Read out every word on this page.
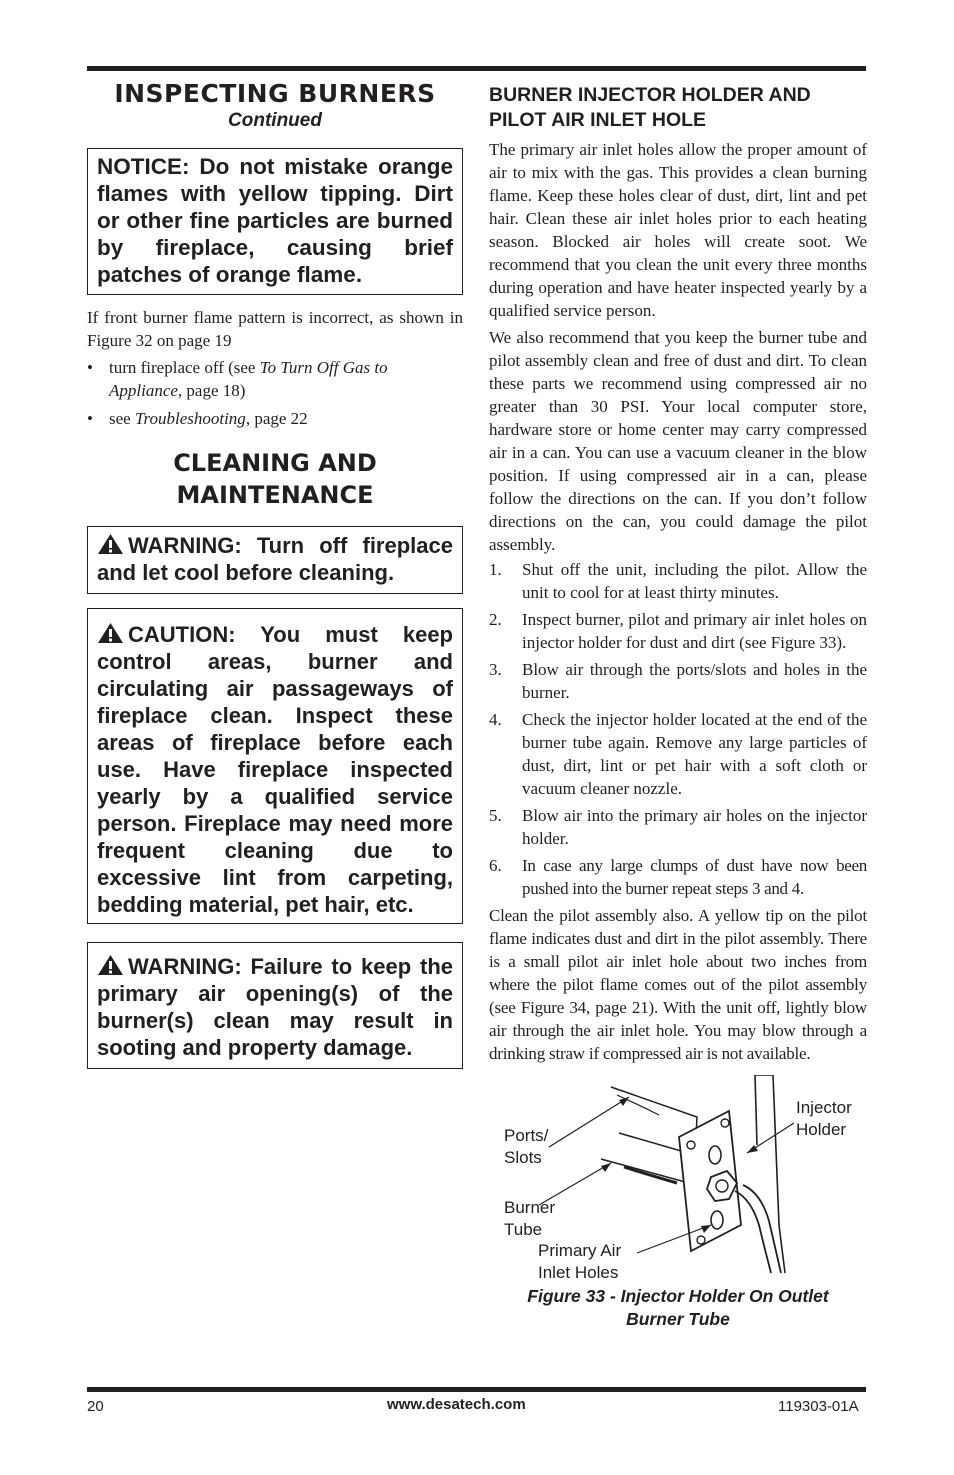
INSPECTING BURNERS
Continued
NOTICE: Do not mistake orange flames with yellow tipping. Dirt or other fine particles are burned by fireplace, causing brief patches of orange flame.

If front burner flame pattern is incorrect, as shown in Figure 32 on page 19

• turn fireplace off (see To Turn Off Gas to Appliance, page 18)
• see Troubleshooting, page 22
CLEANING AND
MAINTENANCE
WARNING: Turn off fireplace and let cool before cleaning.
CAUTION: You must keep control areas, burner and circulating air passageways of fireplace clean. Inspect these areas of fireplace before each use. Have fireplace inspected yearly by a qualified service person. Fireplace may need more frequent cleaning due to excessive lint from carpeting, bedding material, pet hair, etc.
WARNING: Failure to keep the primary air opening(s) of the burner(s) clean may result in sooting and property damage.
BURNER INJECTOR HOLDER AND
PILOT AIR INLET HOLE

The primary air inlet holes allow the proper amount of air to mix with the gas. This provides a clean burning flame. Keep these holes clear of dust, dirt, lint and pet hair. Clean these air inlet holes prior to each heating season. Blocked air holes will create soot. We recommend that you clean the unit every three months during operation and have heater inspected yearly by a qualified service person.

We also recommend that you keep the burner tube and pilot assembly clean and free of dust and dirt. To clean these parts we recommend using compressed air no greater than 30 PSI. Your local computer store, hardware store or home center may carry compressed air in a can. You can use a vacuum cleaner in the blow position. If using compressed air in a can, please follow the directions on the can. If you don’t follow directions on the can, you could damage the pilot assembly.

1. Shut off the unit, including the pilot. Allow the unit to cool for at least thirty minutes.
2. Inspect burner, pilot and primary air inlet holes on injector holder for dust and dirt (see Figure 33).
3. Blow air through the ports/slots and holes in the burner.
4. Check the injector holder located at the end of the burner tube again. Remove any large particles of dust, dirt, lint or pet hair with a soft cloth or vacuum cleaner nozzle.
5. Blow air into the primary air holes on the injector holder.
6. In case any large clumps of dust have now been pushed into the burner repeat steps 3 and 4.

Clean the pilot assembly also. A yellow tip on the pilot flame indicates dust and dirt in the pilot assembly. There is a small pilot air inlet hole about two inches from where the pilot flame comes out of the pilot assembly (see Figure 34, page 21). With the unit off, lightly blow air through the air inlet hole. You may blow through a drinking straw if compressed air is not available.

Ports/
Slots
Burner
Tube
Primary Air
Inlet Holes
Injector
Holder
Figure 33 - Injector Holder On Outlet
Burner Tube
20	www.desatech.com	119303-01A
